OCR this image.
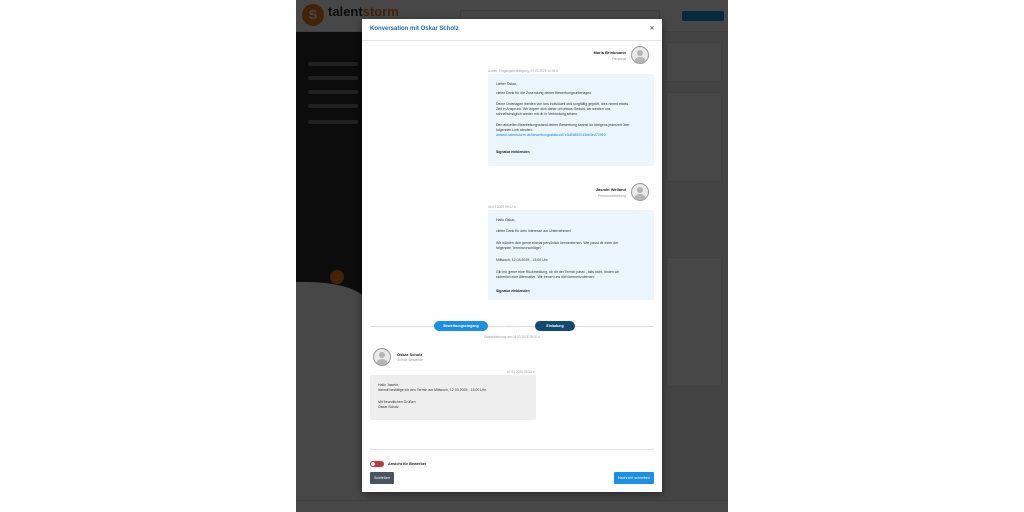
Konversation mit Oskar Scholz	✕
Maria Brinkmann
Personal
Autom. Eingangsbestätigung, 07.03.2025 10:35 h

Lieber Oskar,

vielen Dank für die Zusendung deiner Bewerbungsunterlagen.

Deine Unterlagen werden von uns individuell und sorgfältig geprüft, dies nimmt etwas

Zeit in Anspruch. Wir ärgern dich daher um etwas Geduld, wir werden uns

schnellstmöglich wieder mit dir in Verbindung setzen.

Den aktuellen Bearbeitungsstand deiner Bewerbung kannst du übrigens jederzeit über

folgenden Link abrufen:

antwort.talentstorm.de/bewerbungsstatus/67c3d268520436b3ed72910

Signatur einblenden

Jasmin Weiland
Personalabteilung
04.03.2025 09:02 h

Hallo Oskar,

vielen Dank für dein Interesse am Unternehmen!

Wir würden dich gerne einmal persönlich kennenlernen. Wie passt dir einer der

folgenden Terminvorschläge?

Mittwoch, 12.03.2025 - 13:00 Uhr

Gib mir gerne eine Rückmeldung, ob dir der Termin passt - falls nicht, finden wir

sicherlich eine Alternative. Wir freuen uns dich kennenzulernen!

Signatur einblenden

Bewerbungseingang	···	Einladung
Statusänderung am 04.03.2025 09:02 h
Oskar Scholz
Scholz Bewerber
07.03.2025 09:13 h

Hallo Jasmin,

hiermit bestätige ich den Termin am Mittwoch, 12.03.2025 - 13:00 Uhr.

Mit freundlichen Grüßen

Oskar Scholz

Ansicht für Bewerber
Schließen	Nachricht schreiben
